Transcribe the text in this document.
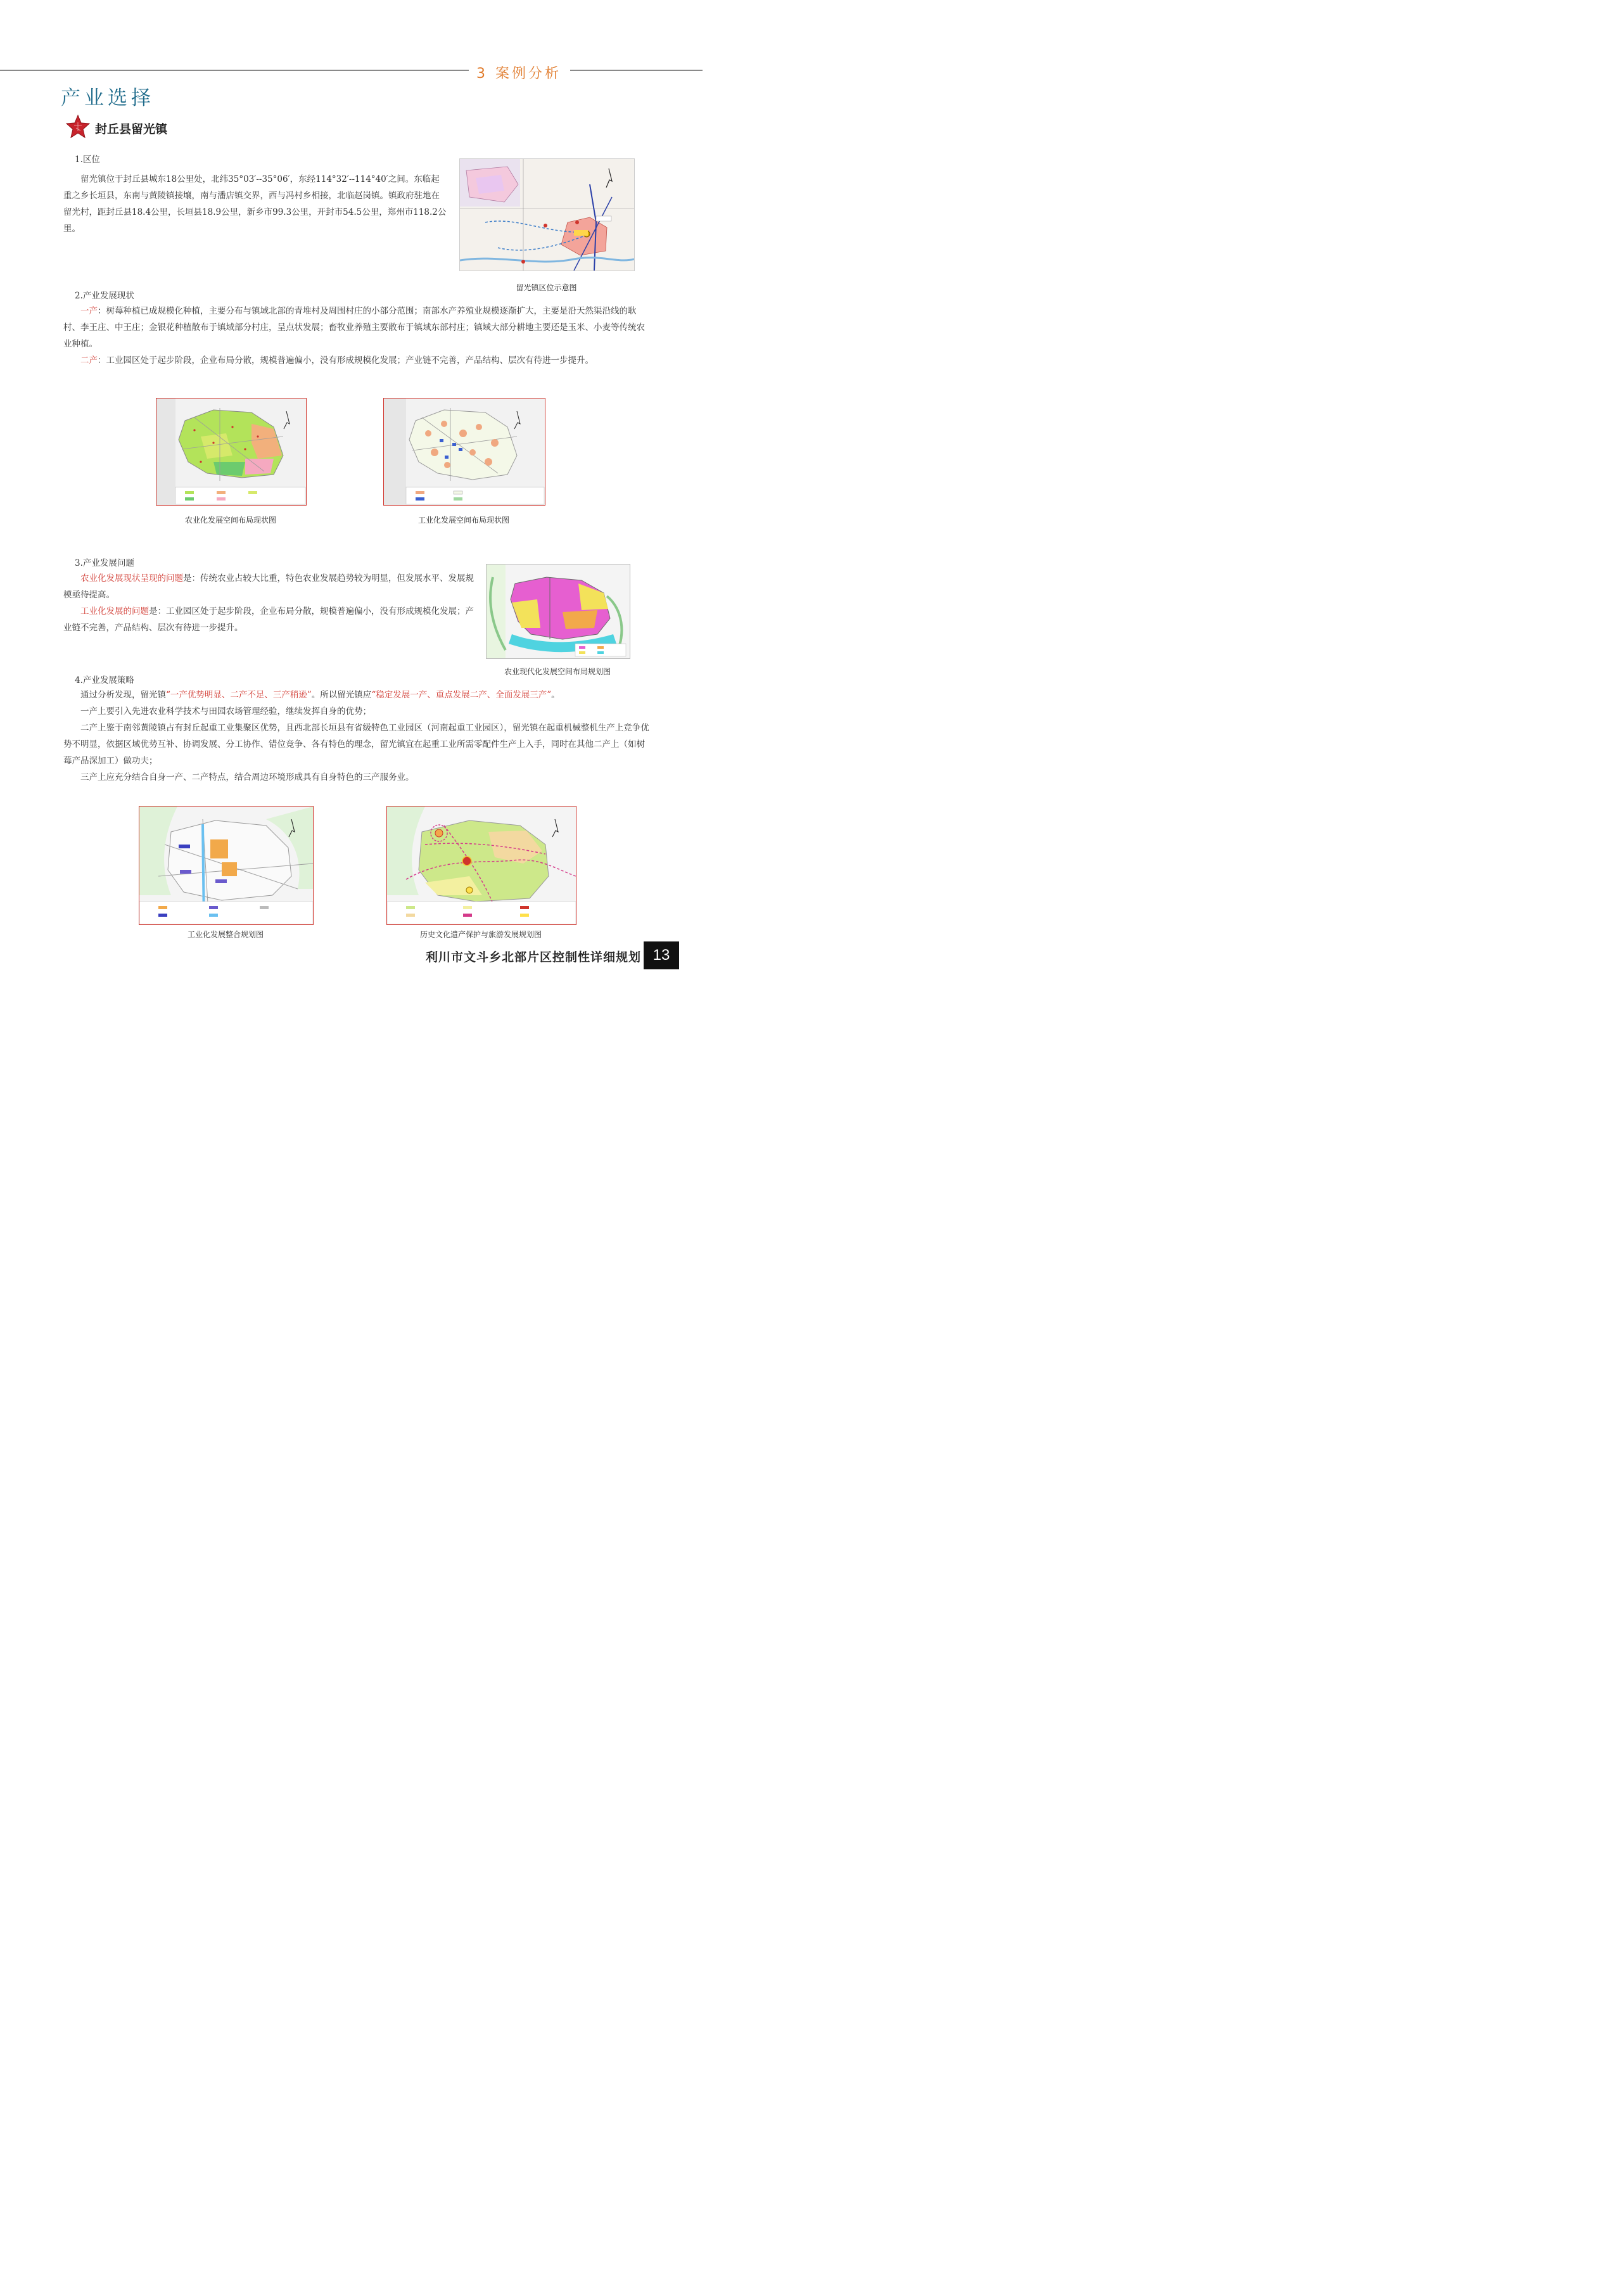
3 案例分析
产业选择
封丘县留光镇
1.区位

留光镇位于封丘县城东18公里处，北纬35°03′--35°06′，东经114°32′--114°40′之间。东临起重之乡长垣县，东南与黄陵镇接壤，南与潘店镇交界，西与冯村乡相接，北临赵岗镇。镇政府驻地在留光村，距封丘县18.4公里，长垣县18.9公里，新乡市99.3公里，开封市54.5公里，郑州市118.2公里。

留光镇区位示意图
2.产业发展现状

一产：树莓种植已成规模化种植，主要分布与镇域北部的青堆村及周围村庄的小部分范围；南部水产养殖业规模逐渐扩大，主要是沿天然渠沿线的耿村、李王庄、中王庄；金银花种植散布于镇域部分村庄，呈点状发展；畜牧业养殖主要散布于镇域东部村庄；镇域大部分耕地主要还是玉米、小麦等传统农业种植。

二产：工业园区处于起步阶段，企业布局分散，规模普遍偏小，没有形成规模化发展；产业链不完善，产品结构、层次有待进一步提升。

农业化发展空间布局现状图	工业化发展空间布局现状图
3.产业发展问题

农业化发展现状呈现的问题是：传统农业占较大比重，特色农业发展趋势较为明显，但发展水平、发展规模亟待提高。

工业化发展的问题是：工业园区处于起步阶段，企业布局分散，规模普遍偏小，没有形成规模化发展；产业链不完善，产品结构、层次有待进一步提升。

农业现代化发展空间布局规划图
4.产业发展策略

通过分析发现，留光镇“一产优势明显、二产不足、三产稍逊”。所以留光镇应“稳定发展一产、重点发展二产、全面发展三产”。

一产上要引入先进农业科学技术与田园农场管理经验，继续发挥自身的优势；

二产上鉴于南邻黄陵镇占有封丘起重工业集聚区优势，且西北部长垣县有省级特色工业园区（河南起重工业园区），留光镇在起重机械整机生产上竞争优势不明显，依据区域优势互补、协调发展、分工协作、错位竞争、各有特色的理念，留光镇宜在起重工业所需零配件生产上入手，同时在其他二产上（如树莓产品深加工）做功夫；

三产上应充分结合自身一产、二产特点，结合周边环境形成具有自身特色的三产服务业。

工业化发展整合规划图	历史文化遗产保护与旅游发展规划图
利川市文斗乡北部片区控制性详细规划 13
